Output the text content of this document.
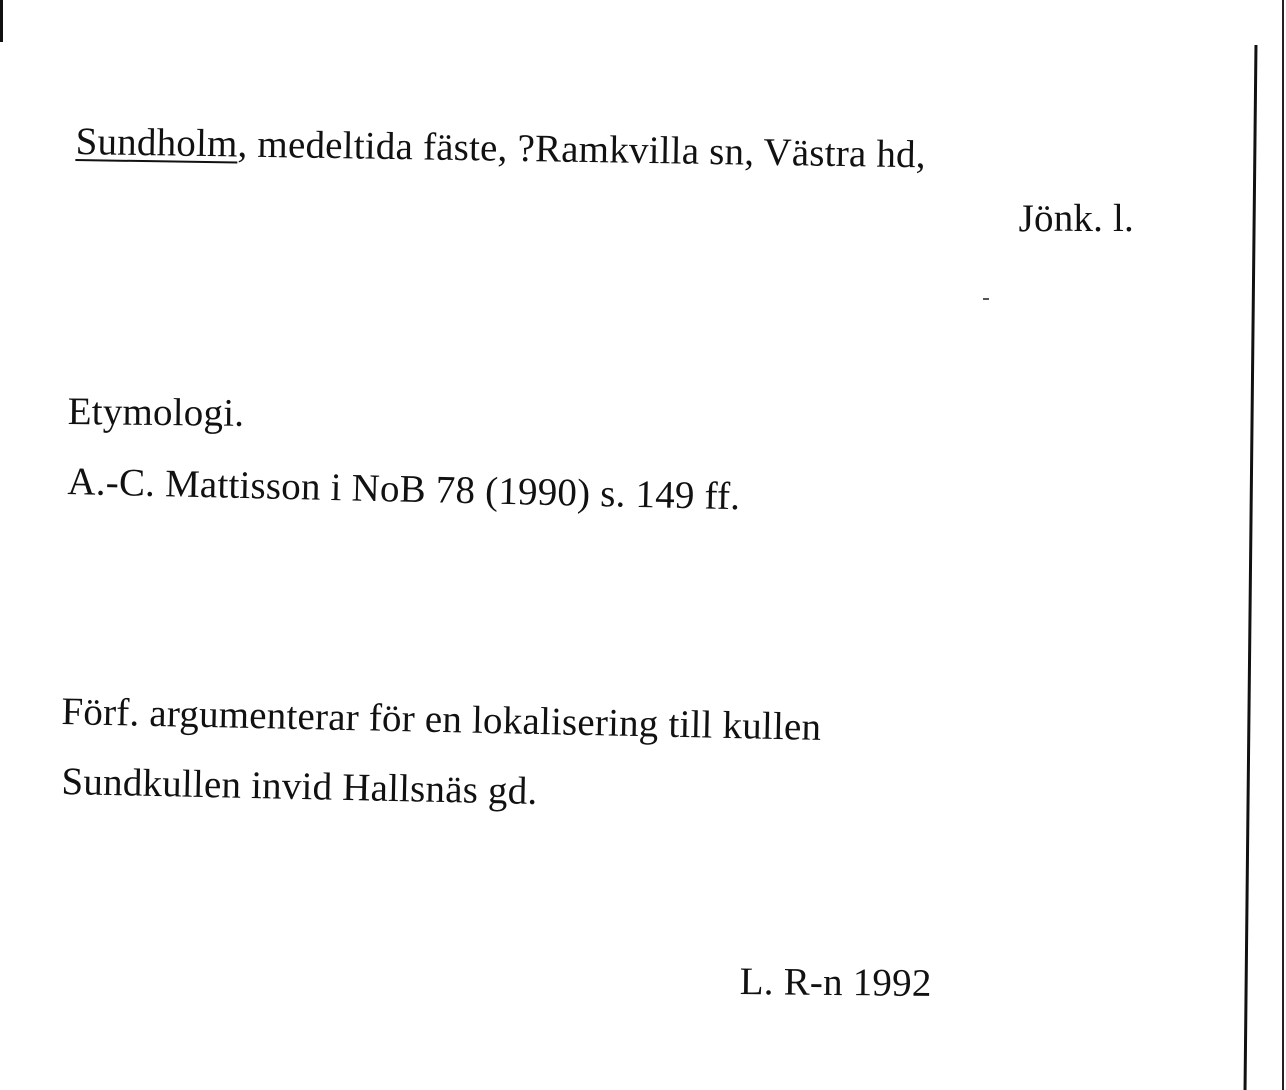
Sundholm, medeltida fäste, ?Ramkvilla sn, Västra hd,

Jönk. l.

Etymologi.

A.-C. Mattisson i NoB 78 (1990) s. 149 ff.

Förf. argumenterar för en lokalisering till kullen

Sundkullen invid Hallsnäs gd.

L. R-n 1992
